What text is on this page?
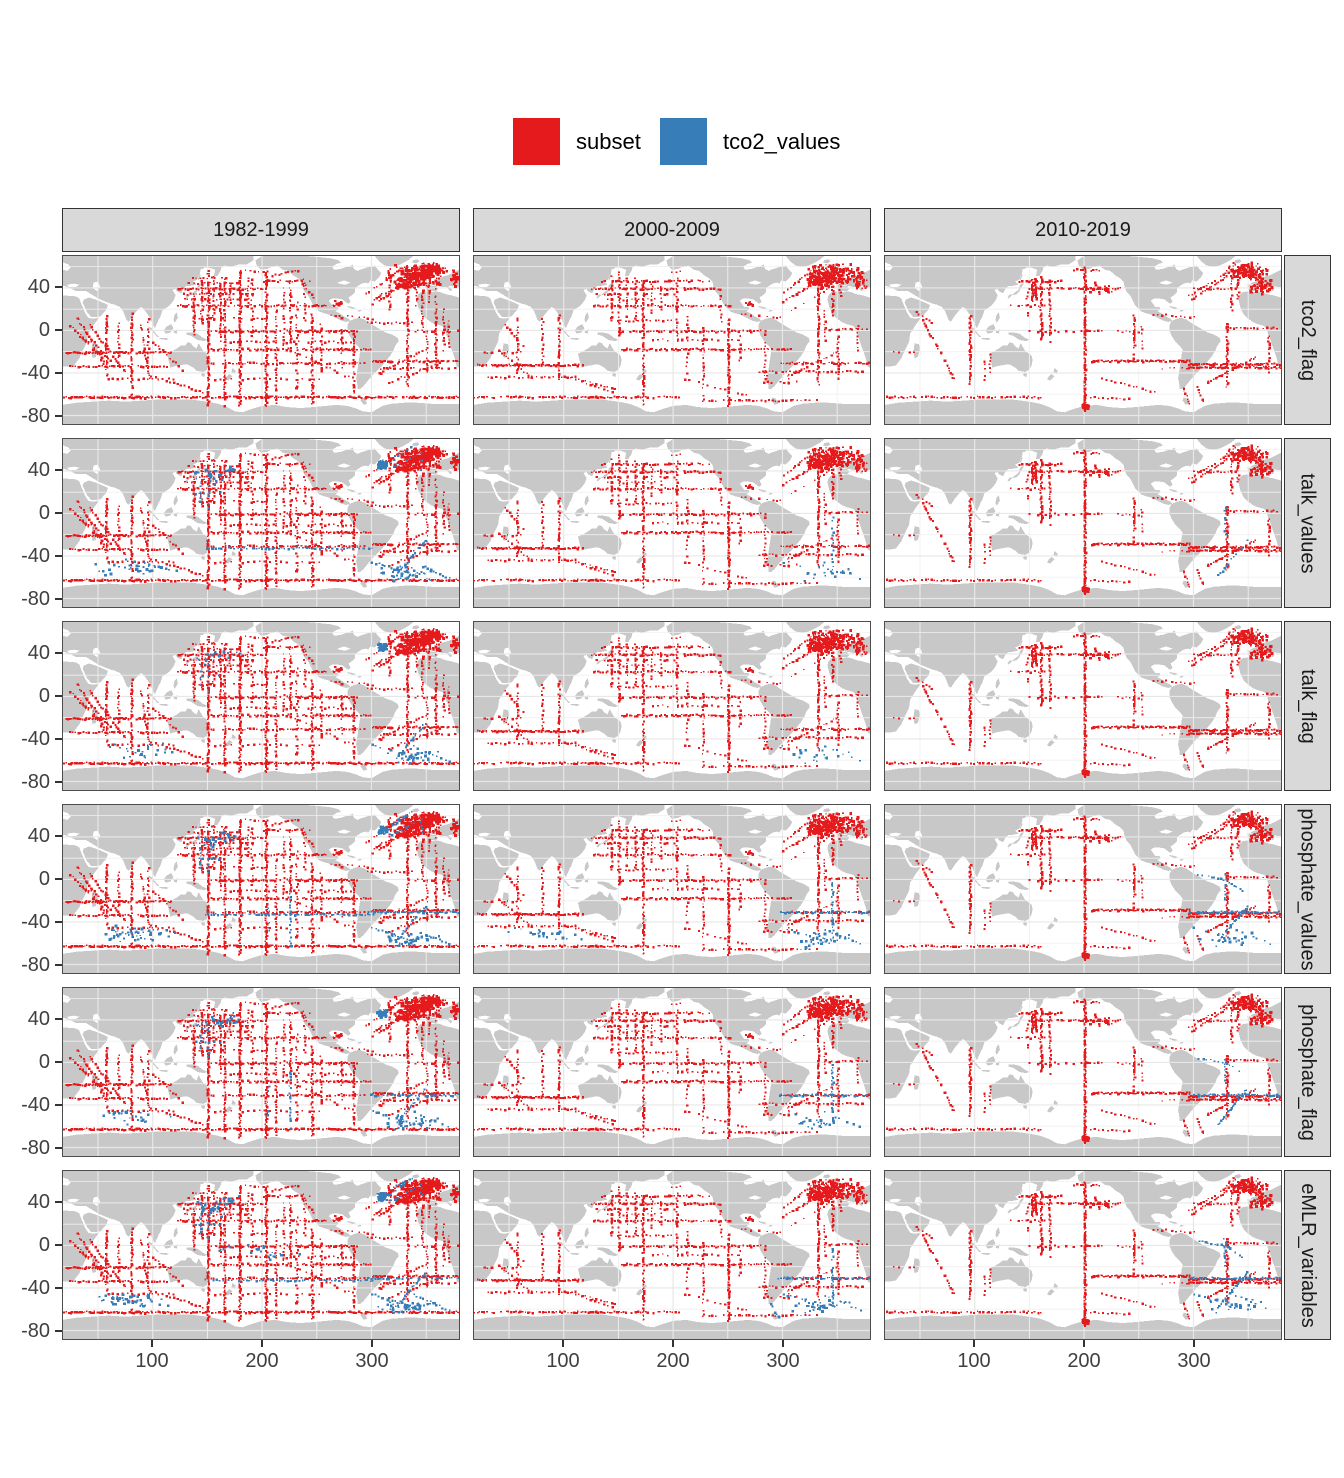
subset	tco2_values
1982-1999	2000-2009	2010-2019
tco2_flag
talk_values
talk_flag
phosphate_values
phosphate_flag
eMLR_variables
40
0
-40
-80
40
0
-40
-80
40
0
-40
-80
40
0
-40
-80
40
0
-40
-80
40
0
-40
-80
100	200	300	100	200	300	100	200	300
